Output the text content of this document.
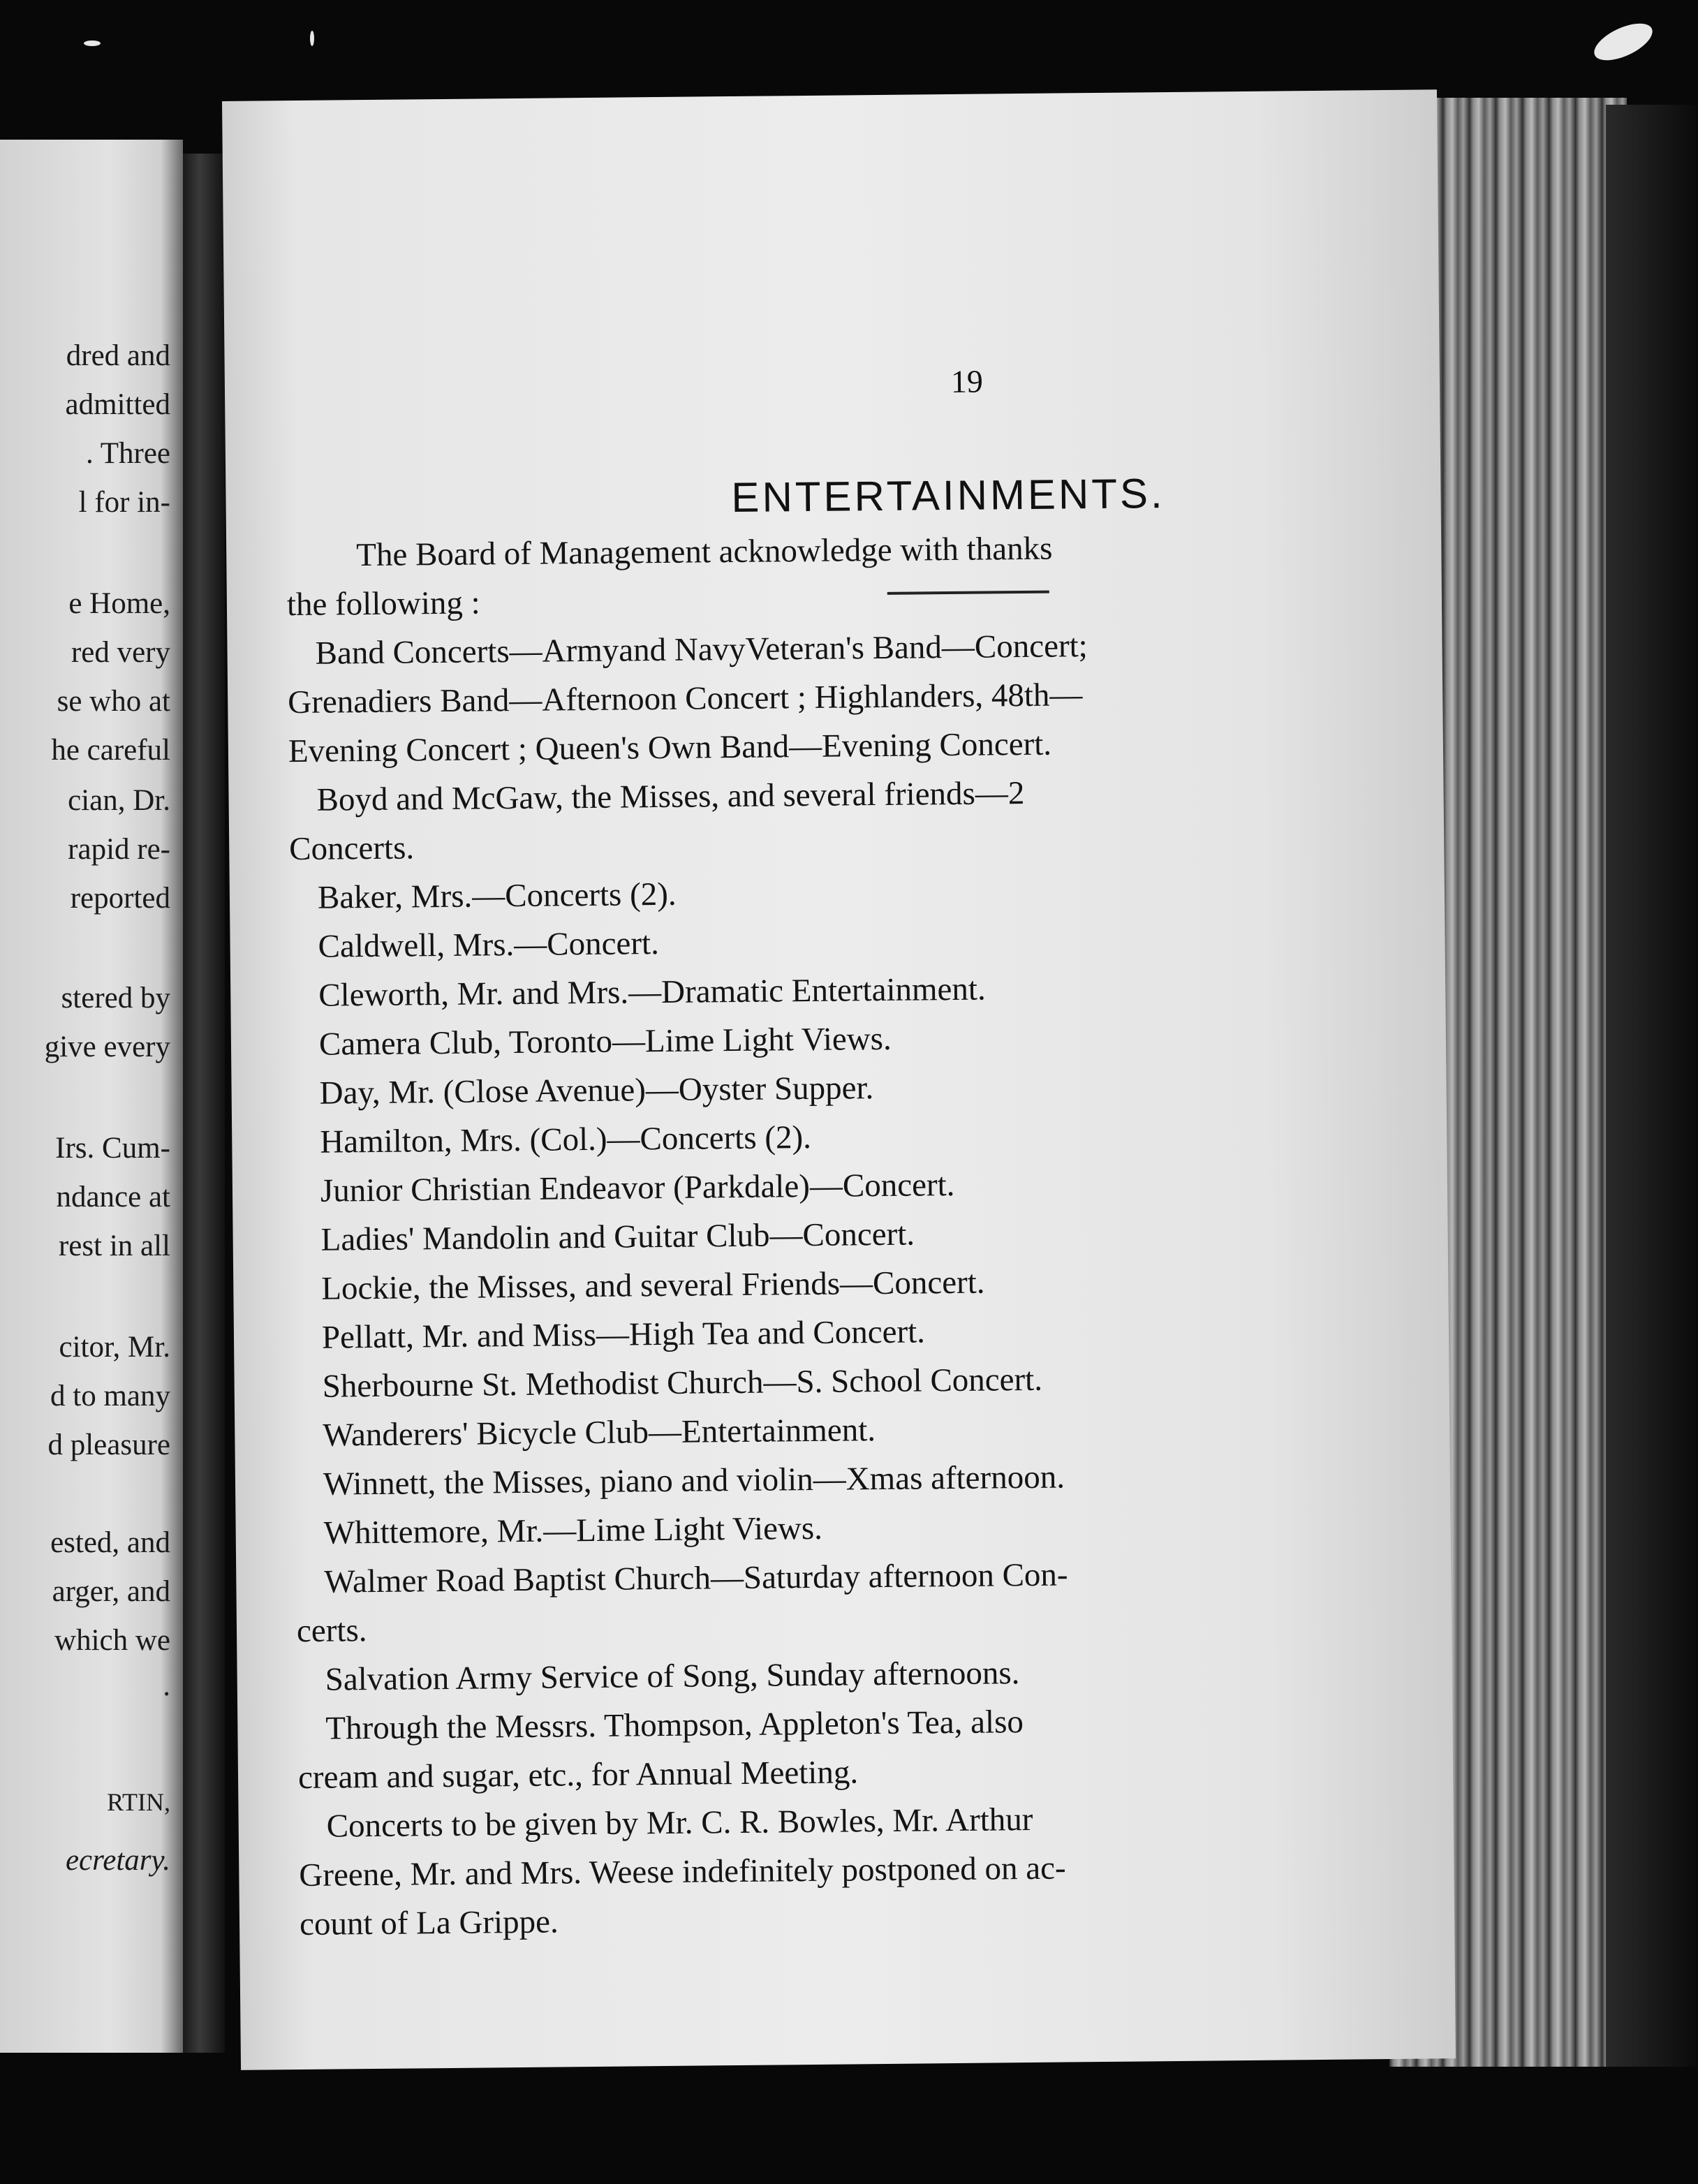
dred and

admitted

. Three

l for in-

e Home,

red very

se who at

he careful

cian, Dr.

rapid re-

reported

stered by

give every

Irs. Cum-

ndance at

rest in all

citor, Mr.

d to many

d pleasure

ested, and

arger, and

which we

.

RTIN,

ecretary.

19

ENTERTAINMENTS.

The Board of Management acknowledge with thanks

the following :

Band Concerts—Armyand NavyVeteran's Band—Concert;

Grenadiers Band—Afternoon Concert ; Highlanders, 48th—

Evening Concert ; Queen's Own Band—Evening Concert.

Boyd and McGaw, the Misses, and several friends—2

Concerts.

Baker, Mrs.—Concerts (2).

Caldwell, Mrs.—Concert.

Cleworth, Mr. and Mrs.—Dramatic Entertainment.

Camera Club, Toronto—Lime Light Views.

Day, Mr. (Close Avenue)—Oyster Supper.

Hamilton, Mrs. (Col.)—Concerts (2).

Junior Christian Endeavor (Parkdale)—Concert.

Ladies' Mandolin and Guitar Club—Concert.

Lockie, the Misses, and several Friends—Concert.

Pellatt, Mr. and Miss—High Tea and Concert.

Sherbourne St. Methodist Church—S. School Concert.

Wanderers' Bicycle Club—Entertainment.

Winnett, the Misses, piano and violin—Xmas afternoon.

Whittemore, Mr.—Lime Light Views.

Walmer Road Baptist Church—Saturday afternoon Con-

certs.

Salvation Army Service of Song, Sunday afternoons.

Through the Messrs. Thompson, Appleton's Tea, also

cream and sugar, etc., for Annual Meeting.

Concerts to be given by Mr. C. R. Bowles, Mr. Arthur

Greene, Mr. and Mrs. Weese indefinitely postponed on ac-

count of La Grippe.
